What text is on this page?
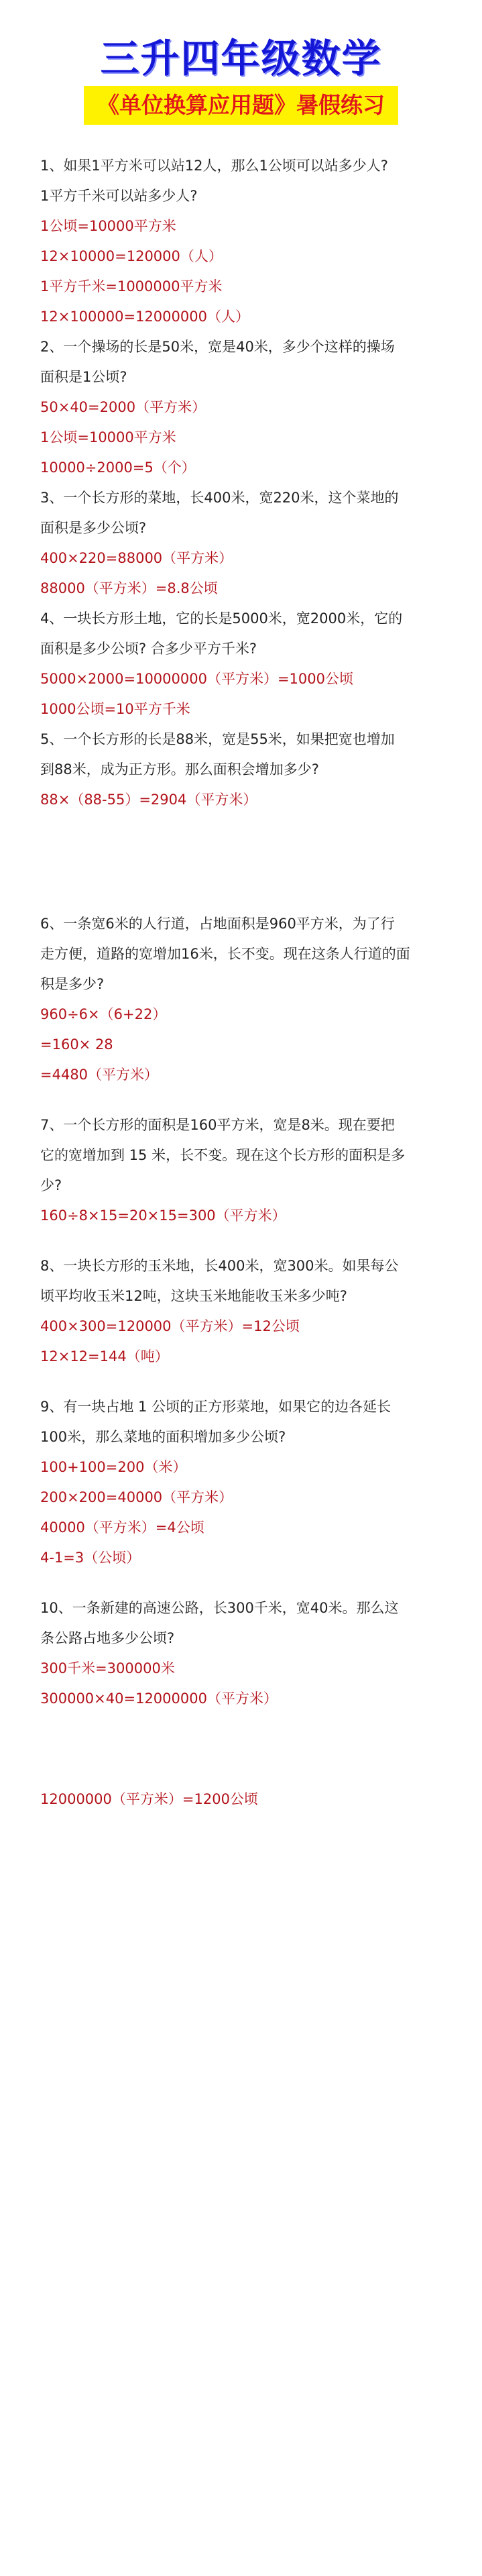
三升四年级数学
《单位换算应用题》暑假练习
1、如果1平方米可以站12人，那么1公顷可以站多少人?
1平方千米可以站多少人?
1公顷=10000平方米
12×10000=120000（人）
1平方千米=1000000平方米
12×100000=12000000（人）
2、一个操场的长是50米，宽是40米，多少个这样的操场
面积是1公顷?
50×40=2000（平方米）
1公顷=10000平方米
10000÷2000=5（个）
3、一个长方形的菜地，长400米，宽220米，这个菜地的
面积是多少公顷?
400×220=88000（平方米）
88000（平方米）=8.8公顷
4、一块长方形土地，它的长是5000米，宽2000米，它的
面积是多少公顷? 合多少平方千米?
5000×2000=10000000（平方米）=1000公顷
1000公顷=10平方千米
5、一个长方形的长是88米，宽是55米，如果把宽也增加
到88米，成为正方形。那么面积会增加多少?
88×（88-55）=2904（平方米）
6、一条宽6米的人行道，占地面积是960平方米，为了行
走方便，道路的宽增加16米，长不变。现在这条人行道的面
积是多少?
960÷6×（6+22）
=160× 28
=4480（平方米）
7、一个长方形的面积是160平方米，宽是8米。现在要把
它的宽增加到 15 米，长不变。现在这个长方形的面积是多
少?
160÷8×15=20×15=300（平方米）
8、一块长方形的玉米地，长400米，宽300米。如果每公
顷平均收玉米12吨，这块玉米地能收玉米多少吨?
400×300=120000（平方米）=12公顷
12×12=144（吨）
9、有一块占地 1 公顷的正方形菜地，如果它的边各延长
100米，那么菜地的面积增加多少公顷?
100+100=200（米）
200×200=40000（平方米）
40000（平方米）=4公顷
4-1=3（公顷）
10、一条新建的高速公路，长300千米，宽40米。那么这
条公路占地多少公顷?
300千米=300000米
300000×40=12000000（平方米）
12000000（平方米）=1200公顷
